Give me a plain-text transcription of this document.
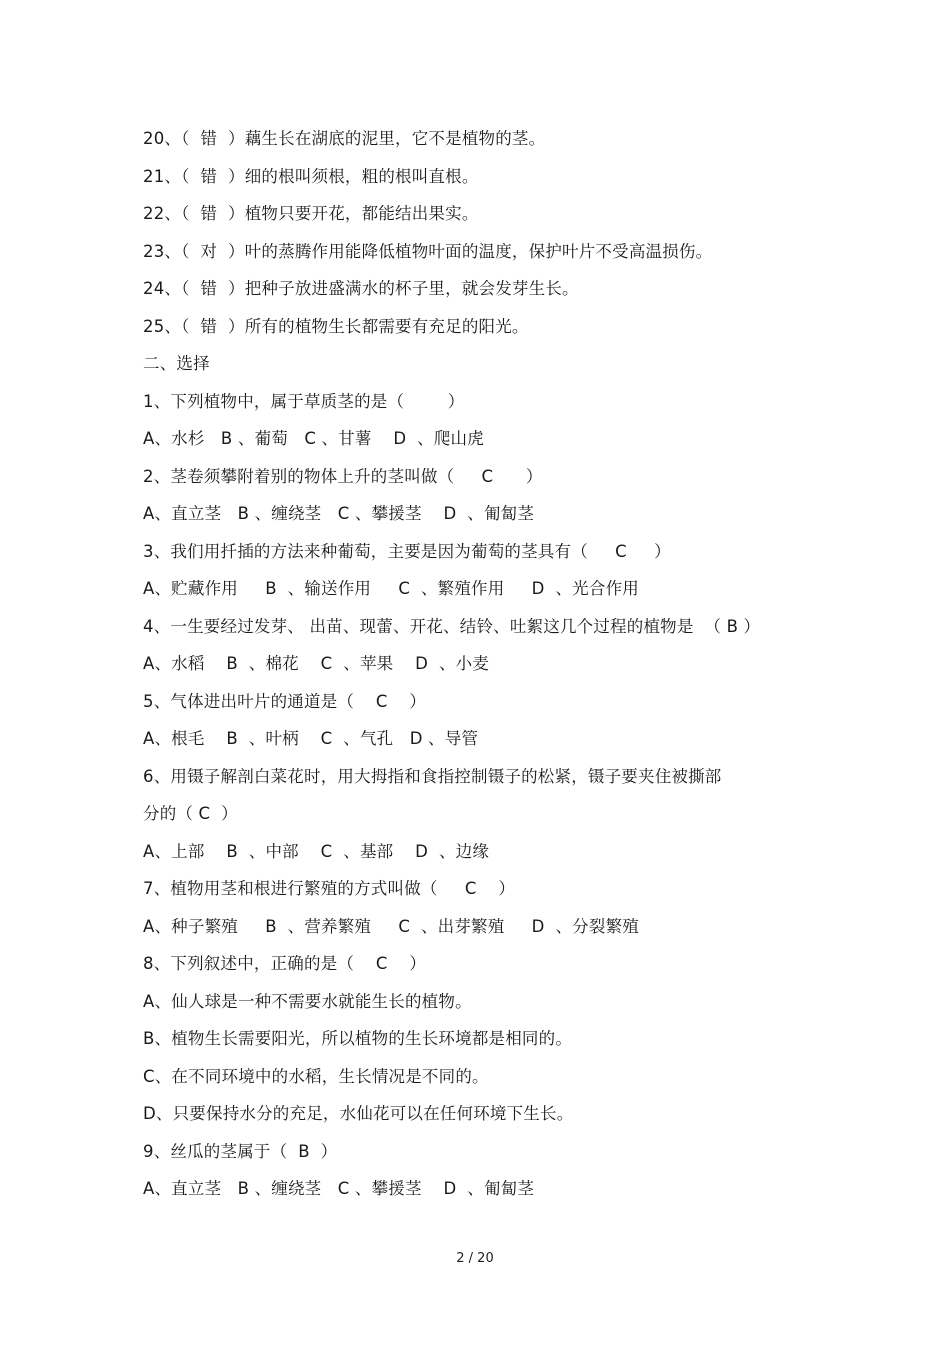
20、（  错  ）藕生长在湖底的泥里，它不是植物的茎。
21、（  错  ）细的根叫须根，粗的根叫直根。
22、（  错  ）植物只要开花，都能结出果实。
23、（  对  ）叶的蒸腾作用能降低植物叶面的温度，保护叶片不受高温损伤。
24、（  错  ）把种子放进盛满水的杯子里，就会发芽生长。
25、（  错  ）所有的植物生长都需要有充足的阳光。
二、选择
1、下列植物中，属于草质茎的是（        ）
A、水杉   B 、葡萄   C 、甘薯    D  、爬山虎
2、茎卷须攀附着别的物体上升的茎叫做（     C      ）
A、直立茎   B 、缠绕茎   C 、攀援茎    D  、匍匐茎
3、我们用扦插的方法来种葡萄，主要是因为葡萄的茎具有（     C     ）
A、贮藏作用     B  、输送作用     C  、繁殖作用     D  、光合作用
4、一生要经过发芽、 出苗、现蕾、开花、结铃、吐絮这几个过程的植物是  （ B ）
A、水稻    B  、棉花    C  、苹果    D  、小麦
5、气体进出叶片的通道是（    C    ）
A、根毛    B  、叶柄    C  、气孔   D 、导管
6、用镊子解剖白菜花时，用大拇指和食指控制镊子的松紧，镊子要夹住被撕部
分的（ C  ）
A、上部    B  、中部    C  、基部    D  、边缘
7、植物用茎和根进行繁殖的方式叫做（     C    ）
A、种子繁殖     B  、营养繁殖     C  、出芽繁殖     D  、分裂繁殖
8、下列叙述中，正确的是（    C    ）
A、仙人球是一种不需要水就能生长的植物。
B、植物生长需要阳光，所以植物的生长环境都是相同的。
C、在不同环境中的水稻，生长情况是不同的。
D、只要保持水分的充足，水仙花可以在任何环境下生长。
9、丝瓜的茎属于（  B  ）
A、直立茎   B 、缠绕茎   C 、攀援茎    D  、匍匐茎
2 / 20
